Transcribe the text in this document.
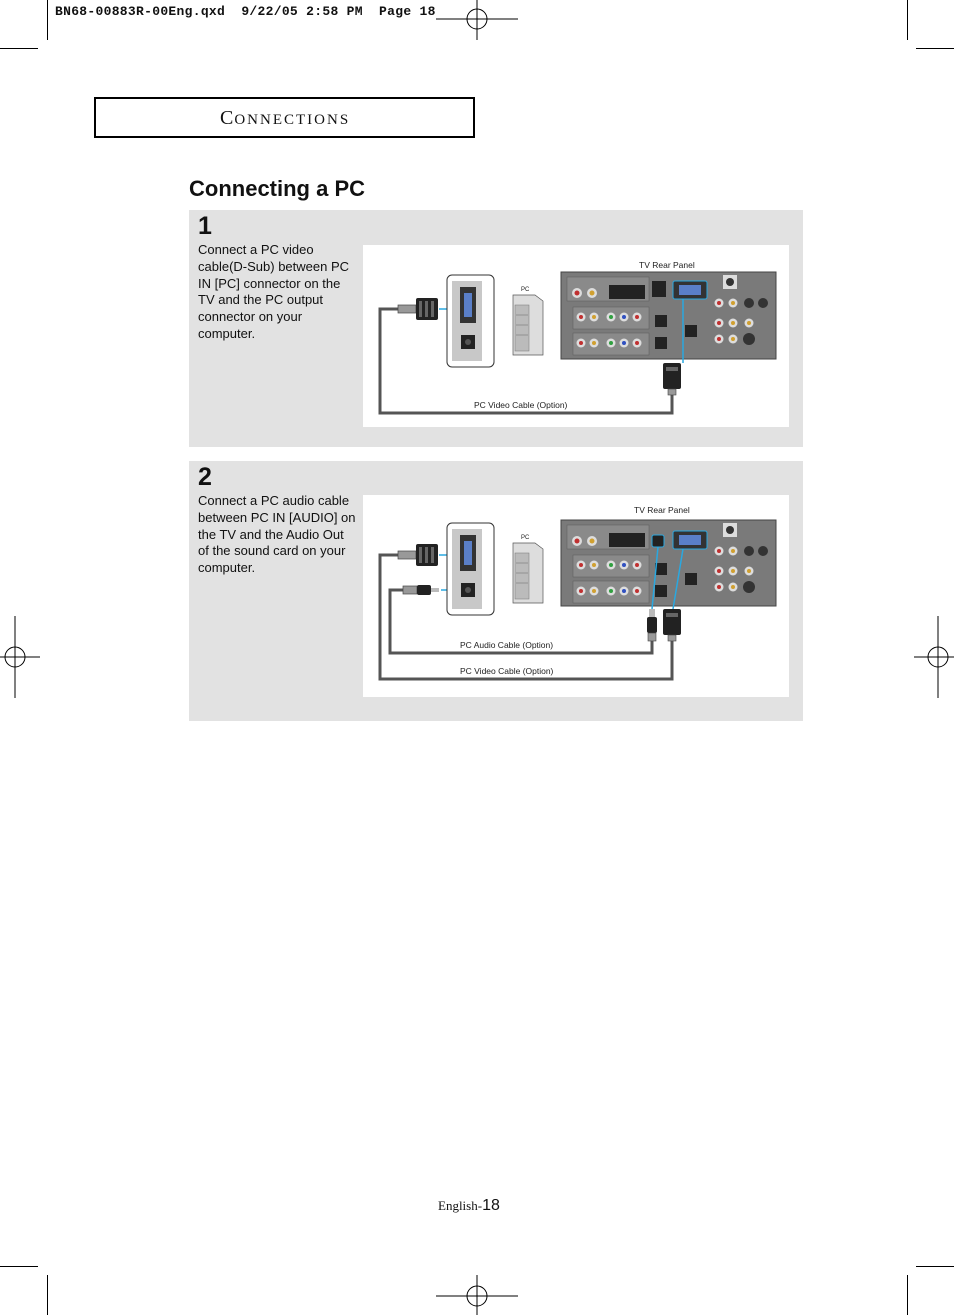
BN68-00883R-00Eng.qxd  9/22/05 2:58 PM  Page 18
CONNECTIONS
Connecting a PC
1
Connect a PC video cable(D-Sub) between PC IN [PC] connector on the TV and the PC output connector on your computer.
PC
TV Rear Panel
PC Video Cable (Option)
2
Connect a PC audio cable between PC IN [AUDIO] on the TV and the Audio Out of the sound card on your computer.
PC
TV Rear Panel
PC Audio Cable (Option)
PC Video Cable (Option)
English-18
